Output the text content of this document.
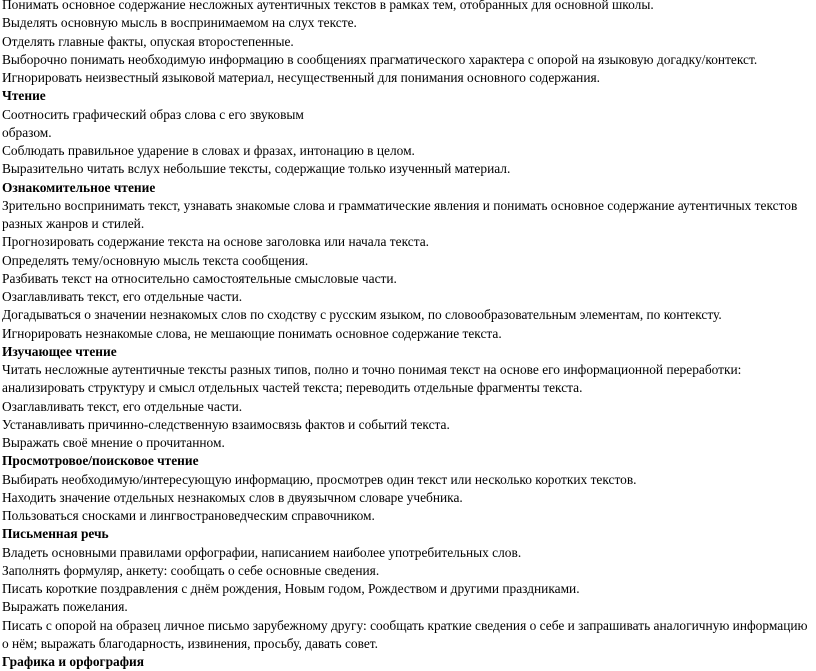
Понимать основное содержание несложных аутентичных текстов в рамках тем, отобранных для основной школы.

Выделять основную мысль в воспринимаемом на слух тексте.

Отделять главные факты, опуская второстепенные.

Выборочно понимать необходимую информацию в сообщениях прагматического характера с опорой на языковую догадку/контекст.

Игнорировать неизвестный языковой материал, несущественный для понимания основного содержания.

Чтение

Соотносить графический образ слова с его звуковым

образом.

Соблюдать правильное ударение в словах и фразах, интонацию в целом.

Выразительно читать вслух небольшие тексты, содержащие только изученный материал.

Ознакомительное чтение

Зрительно воспринимать текст, узнавать знакомые слова и грамматические явления и понимать основное содержание аутентичных текстов разных жанров и стилей.

Прогнозировать содержание текста на основе заголовка или начала текста.

Определять тему/основную мысль текста сообщения.

Разбивать текст на относительно самостоятельные смысловые части.

Озаглавливать текст, его отдельные части.

Догадываться о значении незнакомых слов по сходству с русским языком, по словообразовательным элементам, по контексту.

Игнорировать незнакомые слова, не мешающие понимать основное содержание текста.

Изучающее чтение

Читать несложные аутентичные тексты разных типов, полно и точно понимая текст на основе его информационной переработки: анализировать структуру и смысл отдельных частей текста; переводить отдельные фрагменты текста.

Озаглавливать текст, его отдельные части.

Устанавливать причинно-следственную взаимосвязь фактов и событий текста.

Выражать своё мнение о прочитанном.

Просмотровое/поисковое чтение

Выбирать необходимую/интересующую информацию, просмотрев один текст или несколько коротких текстов.

Находить значение отдельных незнакомых слов в двуязычном словаре учебника.

Пользоваться сносками и лингвострановедческим справочником.

Письменная речь

Владеть основными правилами орфографии, написанием наиболее употребительных слов.

Заполнять формуляр, анкету: сообщать о себе основные сведения.

Писать короткие поздравления с днём рождения, Новым годом, Рождеством и другими праздниками.

Выражать пожелания.

Писать с опорой на образец личное письмо зарубежному другу: сообщать краткие сведения о себе и запрашивать аналогичную информацию о нём; выражать благодарность, извинения, просьбу, давать совет.

Графика и орфография
